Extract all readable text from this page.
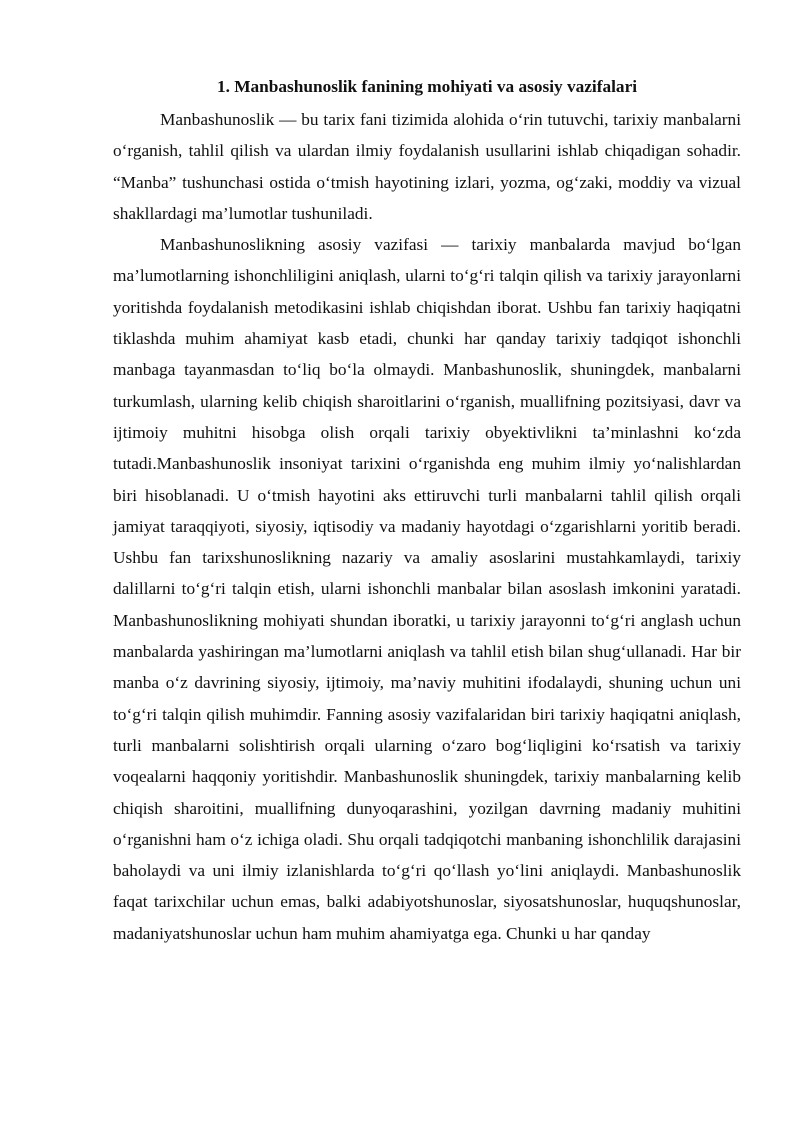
1. Manbashunoslik fanining mohiyati va asosiy vazifalari

Manbashunoslik — bu tarix fani tizimida alohida o‘rin tutuvchi, tarixiy manbalarni o‘rganish, tahlil qilish va ulardan ilmiy foydalanish usullarini ishlab chiqadigan sohadir. “Manba” tushunchasi ostida o‘tmish hayotining izlari, yozma, og‘zaki, moddiy va vizual shakllardagi ma’lumotlar tushuniladi.

Manbashunoslikning asosiy vazifasi — tarixiy manbalarda mavjud bo‘lgan ma’lumotlarning ishonchliligini aniqlash, ularni to‘g‘ri talqin qilish va tarixiy jarayonlarni yoritishda foydalanish metodikasini ishlab chiqishdan iborat. Ushbu fan tarixiy haqiqatni tiklashda muhim ahamiyat kasb etadi, chunki har qanday tarixiy tadqiqot ishonchli manbaga tayanmasdan to‘liq bo‘la olmaydi. Manbashunoslik, shuningdek, manbalarni turkumlash, ularning kelib chiqish sharoitlarini o‘rganish, muallifning pozitsiyasi, davr va ijtimoiy muhitni hisobga olish orqali tarixiy obyektivlikni ta’minlashni ko‘zda tutadi.Manbashunoslik insoniyat tarixini o‘rganishda eng muhim ilmiy yo‘nalishlardan biri hisoblanadi. U o‘tmish hayotini aks ettiruvchi turli manbalarni tahlil qilish orqali jamiyat taraqqiyoti, siyosiy, iqtisodiy va madaniy hayotdagi o‘zgarishlarni yoritib beradi. Ushbu fan tarixshunoslikning nazariy va amaliy asoslarini mustahkamlaydi, tarixiy dalillarni to‘g‘ri talqin etish, ularni ishonchli manbalar bilan asoslash imkonini yaratadi. Manbashunoslikning mohiyati shundan iboratki, u tarixiy jarayonni to‘g‘ri anglash uchun manbalarda yashiringan ma’lumotlarni aniqlash va tahlil etish bilan shug‘ullanadi. Har bir manba o‘z davrining siyosiy, ijtimoiy, ma’naviy muhitini ifodalaydi, shuning uchun uni to‘g‘ri talqin qilish muhimdir. Fanning asosiy vazifalaridan biri tarixiy haqiqatni aniqlash, turli manbalarni solishtirish orqali ularning o‘zaro bog‘liqligini ko‘rsatish va tarixiy voqealarni haqqoniy yoritishdir. Manbashunoslik shuningdek, tarixiy manbalarning kelib chiqish sharoitini, muallifning dunyoqarashini, yozilgan davrning madaniy muhitini o‘rganishni ham o‘z ichiga oladi. Shu orqali tadqiqotchi manbaning ishonchlilik darajasini baholaydi va uni ilmiy izlanishlarda to‘g‘ri qo‘llash yo‘lini aniqlaydi. Manbashunoslik faqat tarixchilar uchun emas, balki adabiyotshunoslar, siyosatshunoslar, huquqshunoslar, madaniyatshunoslar uchun ham muhim ahamiyatga ega. Chunki u har qanday
